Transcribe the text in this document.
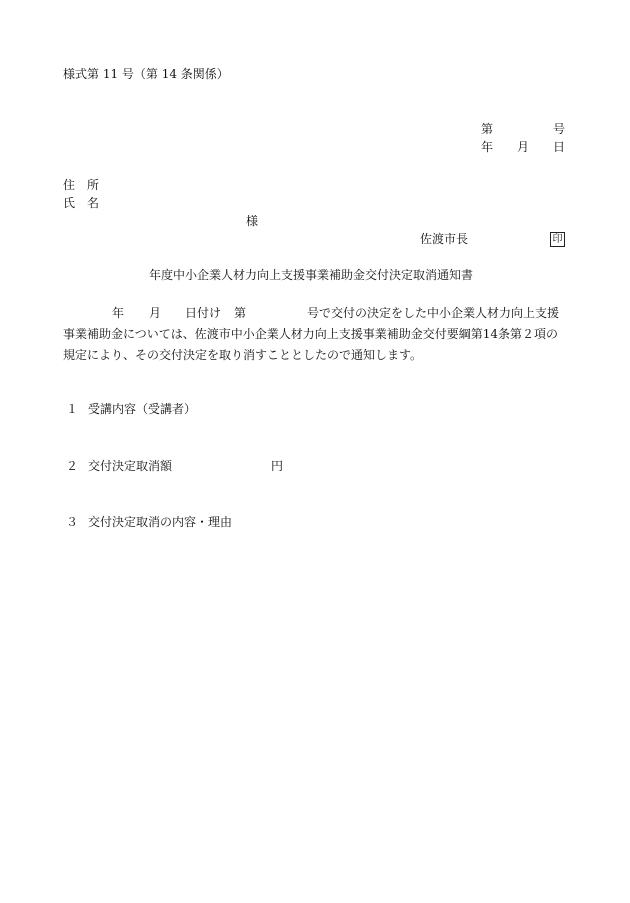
様式第 11 号（第 14 条関係）
第	号
年 月 日
住　所
氏　名
様
佐渡市長	印
年度中小企業人材力向上支援事業補助金交付決定取消通知書
年 月 日付け 第	号で交付の決定をした中小企業人材力向上支援
事業補助金については、佐渡市中小企業人材力向上支援事業補助金交付要綱第14条第２項の
規定により、その交付決定を取り消すこととしたので通知します。
１ 受講内容（受講者）
２ 交付決定取消額	円
３ 交付決定取消の内容・理由
